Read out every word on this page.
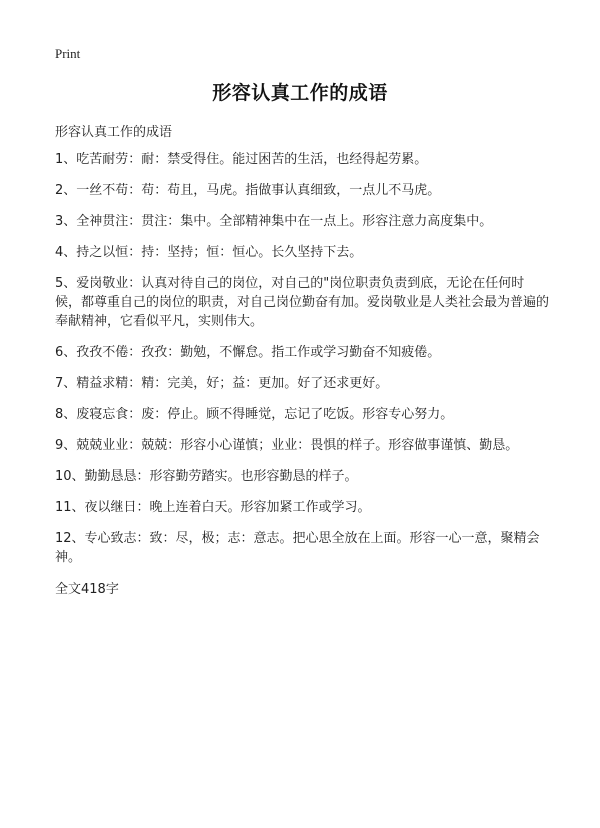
Print
形容认真工作的成语
形容认真工作的成语

1、吃苦耐劳：耐：禁受得住。能过困苦的生活，也经得起劳累。

2、一丝不苟：苟：苟且，马虎。指做事认真细致，一点儿不马虎。

3、全神贯注：贯注：集中。全部精神集中在一点上。形容注意力高度集中。

4、持之以恒：持：坚持；恒：恒心。长久坚持下去。

5、爱岗敬业：认真对待自己的岗位，对自己的"岗位职责负责到底，无论在任何时候，都尊重自己的岗位的职责，对自己岗位勤奋有加。爱岗敬业是人类社会最为普遍的奉献精神，它看似平凡，实则伟大。

6、孜孜不倦：孜孜：勤勉，不懈怠。指工作或学习勤奋不知疲倦。

7、精益求精：精：完美，好；益：更加。好了还求更好。

8、废寝忘食：废：停止。顾不得睡觉，忘记了吃饭。形容专心努力。

9、兢兢业业：兢兢：形容小心谨慎；业业：畏惧的样子。形容做事谨慎、勤恳。

10、勤勤恳恳：形容勤劳踏实。也形容勤恳的样子。

11、夜以继日：晚上连着白天。形容加紧工作或学习。

12、专心致志：致：尽，极；志：意志。把心思全放在上面。形容一心一意，聚精会神。

全文418字
